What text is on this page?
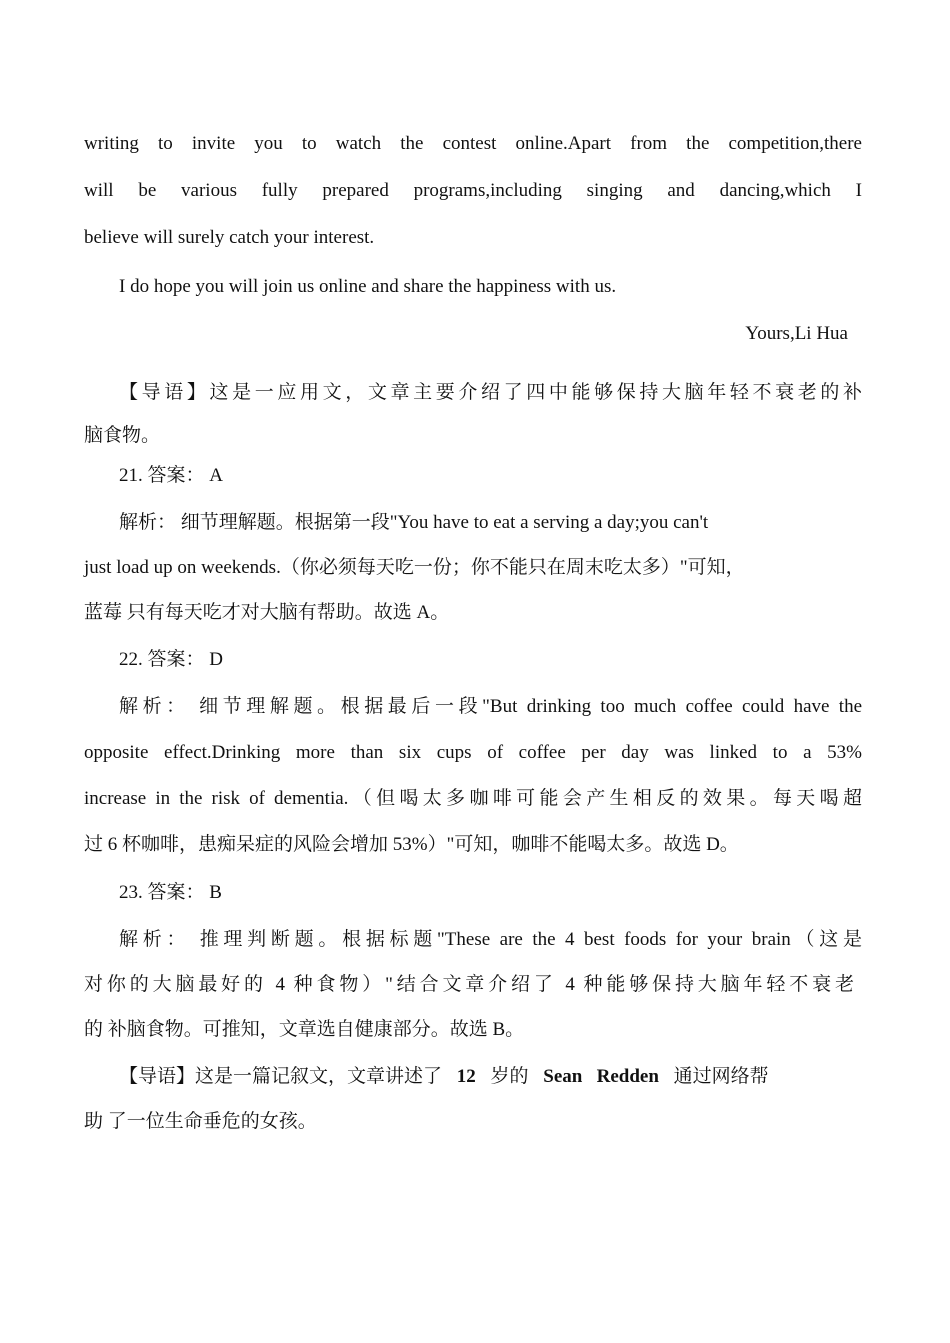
writing to invite you to watch the contest online.Apart from the competition,there
will be various fully prepared programs,including singing and dancing,which I
believe will surely catch your interest.
I do hope you will join us online and share the happiness with us.
Yours,Li Hua
【导语】这是一应用文，文章主要介绍了四中能够保持大脑年轻不衰老的补
脑食物。
21. 答案： A
解析： 细节理解题。根据第一段"You have to eat a serving a day;you can't
just load up on weekends.（你必须每天吃一份；你不能只在周末吃太多）"可知，
蓝莓 只有每天吃才对大脑有帮助。故选 A。
22. 答案： D
解析： 细节理解题。根据最后一段"But drinking too much coffee could have the
opposite effect.Drinking more than six cups of coffee per day was linked to a 53%
increase in the risk of dementia.（但喝太多咖啡可能会产生相反的效果。每天喝超
过 6 杯咖啡，患痴呆症的风险会增加 53%）"可知，咖啡不能喝太多。故选 D。
23. 答案： B
解析： 推理判断题。根据标题"These are the 4 best foods for your brain（这是
对你的大脑最好的 4 种食物）"结合文章介绍了 4 种能够保持大脑年轻不衰老
的 补脑食物。可推知，文章选自健康部分。故选 B。
【导语】这是一篇记叙文，文章讲述了 12 岁的 Sean   Redden 通过网络帮
助 了一位生命垂危的女孩。
